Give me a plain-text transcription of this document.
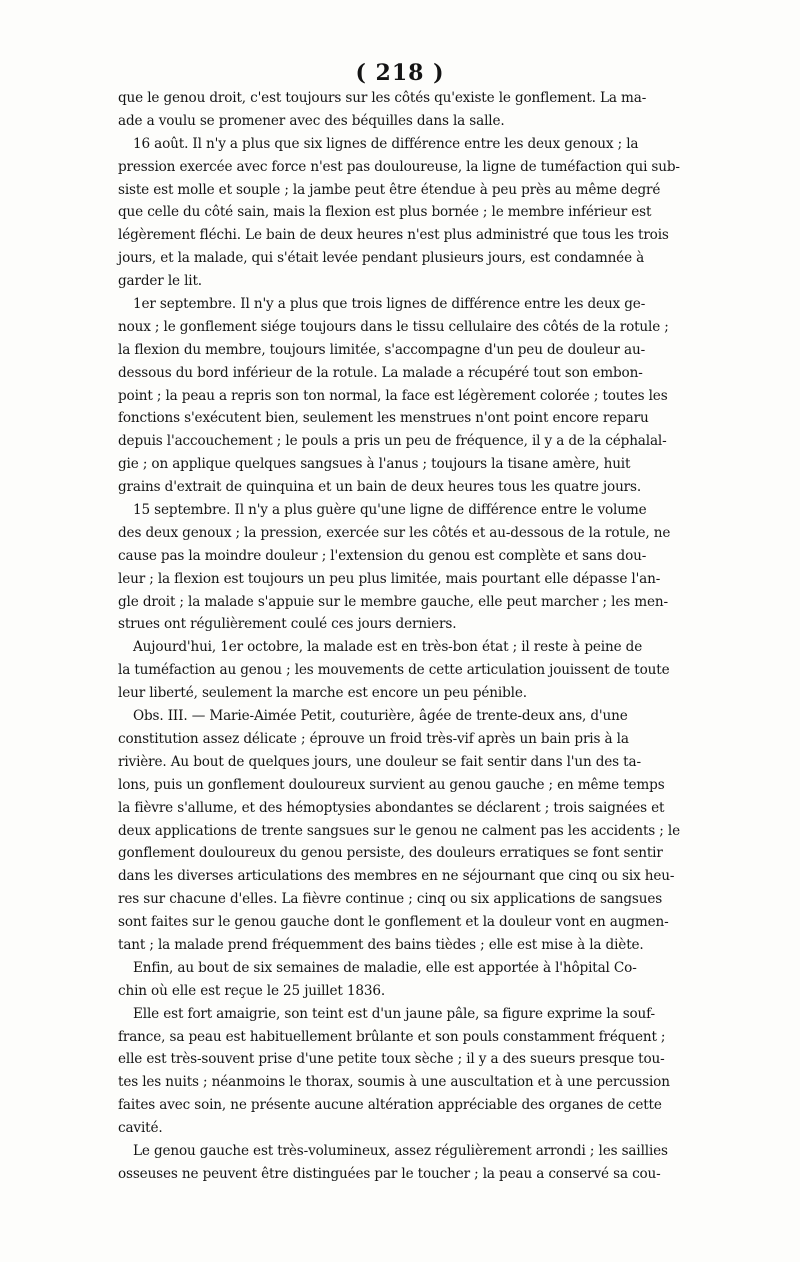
( 218 )
que le genou droit, c'est toujours sur les côtés qu'existe le gonflement. La ma-
ade a voulu se promener avec des béquilles dans la salle.
16 août. Il n'y a plus que six lignes de différence entre les deux genoux ; la
pression exercée avec force n'est pas douloureuse, la ligne de tuméfaction qui sub-
siste est molle et souple ; la jambe peut être étendue à peu près au même degré
que celle du côté sain, mais la flexion est plus bornée ; le membre inférieur est
légèrement fléchi. Le bain de deux heures n'est plus administré que tous les trois
jours, et la malade, qui s'était levée pendant plusieurs jours, est condamnée à
garder le lit.
1er septembre. Il n'y a plus que trois lignes de différence entre les deux ge-
noux ; le gonflement siége toujours dans le tissu cellulaire des côtés de la rotule ;
la flexion du membre, toujours limitée, s'accompagne d'un peu de douleur au-
dessous du bord inférieur de la rotule. La malade a récupéré tout son embon-
point ; la peau a repris son ton normal, la face est légèrement colorée ; toutes les
fonctions s'exécutent bien, seulement les menstrues n'ont point encore reparu
depuis l'accouchement ; le pouls a pris un peu de fréquence, il y a de la céphalal-
gie ; on applique quelques sangsues à l'anus ; toujours la tisane amère, huit
grains d'extrait de quinquina et un bain de deux heures tous les quatre jours.
15 septembre. Il n'y a plus guère qu'une ligne de différence entre le volume
des deux genoux ; la pression, exercée sur les côtés et au-dessous de la rotule, ne
cause pas la moindre douleur ; l'extension du genou est complète et sans dou-
leur ; la flexion est toujours un peu plus limitée, mais pourtant elle dépasse l'an-
gle droit ; la malade s'appuie sur le membre gauche, elle peut marcher ; les men-
strues ont régulièrement coulé ces jours derniers.
Aujourd'hui, 1er octobre, la malade est en très-bon état ; il reste à peine de
la tuméfaction au genou ; les mouvements de cette articulation jouissent de toute
leur liberté, seulement la marche est encore un peu pénible.
Obs. III. — Marie-Aimée Petit, couturière, âgée de trente-deux ans, d'une
constitution assez délicate ; éprouve un froid très-vif après un bain pris à la
rivière. Au bout de quelques jours, une douleur se fait sentir dans l'un des ta-
lons, puis un gonflement douloureux survient au genou gauche ; en même temps
la fièvre s'allume, et des hémoptysies abondantes se déclarent ; trois saignées et
deux applications de trente sangsues sur le genou ne calment pas les accidents ; le
gonflement douloureux du genou persiste, des douleurs erratiques se font sentir
dans les diverses articulations des membres en ne séjournant que cinq ou six heu-
res sur chacune d'elles. La fièvre continue ; cinq ou six applications de sangsues
sont faites sur le genou gauche dont le gonflement et la douleur vont en augmen-
tant ; la malade prend fréquemment des bains tièdes ; elle est mise à la diète.
Enfin, au bout de six semaines de maladie, elle est apportée à l'hôpital Co-
chin où elle est reçue le 25 juillet 1836.
Elle est fort amaigrie, son teint est d'un jaune pâle, sa figure exprime la souf-
france, sa peau est habituellement brûlante et son pouls constamment fréquent ;
elle est très-souvent prise d'une petite toux sèche ; il y a des sueurs presque tou-
tes les nuits ; néanmoins le thorax, soumis à une auscultation et à une percussion
faites avec soin, ne présente aucune altération appréciable des organes de cette
cavité.
Le genou gauche est très-volumineux, assez régulièrement arrondi ; les saillies
osseuses ne peuvent être distinguées par le toucher ; la peau a conservé sa cou-
